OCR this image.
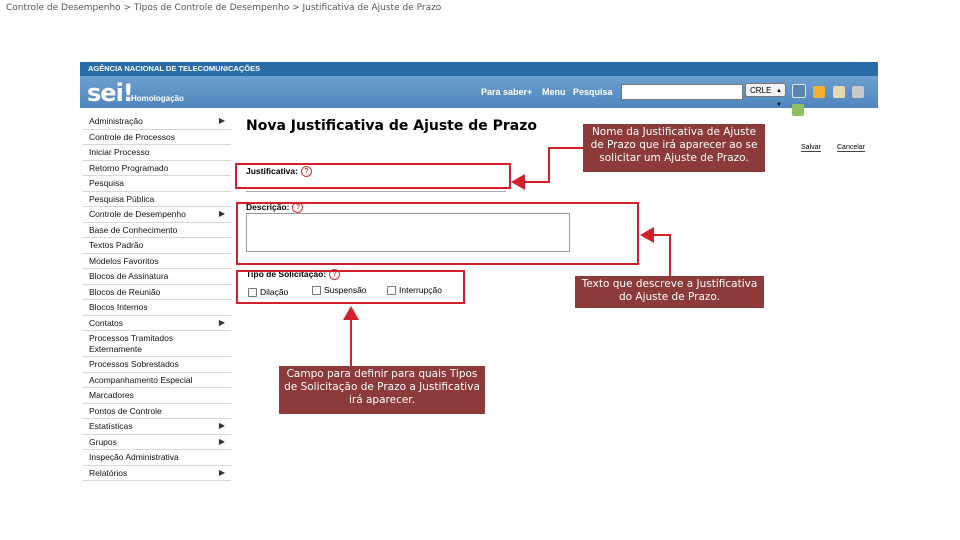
Controle de Desempenho > Tipos de Controle de Desempenho > Justificativa de Ajuste de Prazo
AGÊNCIA NACIONAL DE TELECOMUNICAÇÕES
sei!
Homologação
Para saber+ Menu Pesquisa	CRLE ▲
▼

Administração	▶
Controle de Processos
Iniciar Processo
Retorno Programado
Pesquisa
Pesquisa Pública
Controle de Desempenho	▶
Base de Conhecimento
Textos Padrão
Modelos Favoritos
Blocos de Assinatura
Blocos de Reunião
Blocos Internos
Contatos	▶
Processos Tramitados Externamente
Processos Sobrestados
Acompanhamento Especial
Marcadores
Pontos de Controle
Estatísticas	▶
Grupos	▶
Inspeção Administrativa
Relatórios	▶
Nova Justificativa de Ajuste de Prazo
Salvar Cancelar
Justificativa: ?
Descrição: ?
Tipo de Solicitação: ?
Dilação	Suspensão	Interrupção
Nome da Justificativa de Ajuste de Prazo que irá aparecer ao se solicitar um Ajuste de Prazo.
Texto que descreve a Justificativa do Ajuste de Prazo.
Campo para definir para quais Tipos de Solicitação de Prazo a Justificativa irá aparecer.
